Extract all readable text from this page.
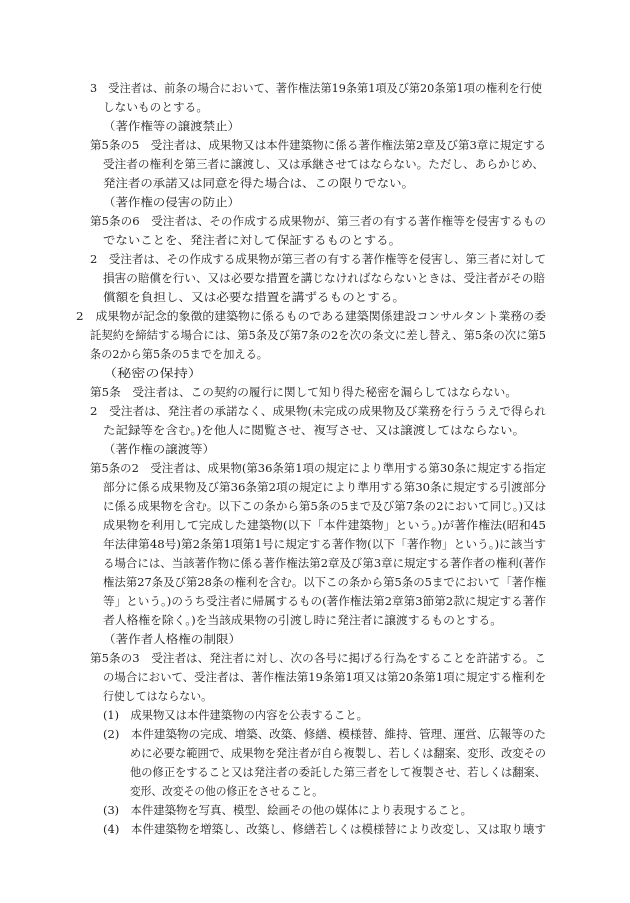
3　受注者は、前条の場合において、著作権法第19条第1項及び第20条第1項の権利を行使

しないものとする。

（著作権等の譲渡禁止）

第5条の5　受注者は、成果物又は本件建築物に係る著作権法第2章及び第3章に規定する

受注者の権利を第三者に譲渡し、又は承継させてはならない。ただし、あらかじめ、

発注者の承諾又は同意を得た場合は、この限りでない。

（著作権の侵害の防止）

第5条の6　受注者は、その作成する成果物が、第三者の有する著作権等を侵害するもの

でないことを、発注者に対して保証するものとする。

2　受注者は、その作成する成果物が第三者の有する著作権等を侵害し、第三者に対して

損害の賠償を行い、又は必要な措置を講じなければならないときは、受注者がその賠

償額を負担し、又は必要な措置を講ずるものとする。

2　成果物が記念的象徴的建築物に係るものである建築関係建設コンサルタント業務の委

託契約を締結する場合には、第5条及び第7条の2を次の条文に差し替え、第5条の次に第5

条の2から第5条の5までを加える。

（秘密の保持）

第5条　受注者は、この契約の履行に関して知り得た秘密を漏らしてはならない。

2　受注者は、発注者の承諾なく、成果物(未完成の成果物及び業務を行ううえで得られ

た記録等を含む。)を他人に閲覧させ、複写させ、又は譲渡してはならない。

（著作権の譲渡等）

第5条の2　受注者は、成果物(第36条第1項の規定により準用する第30条に規定する指定

部分に係る成果物及び第36条第2項の規定により準用する第30条に規定する引渡部分

に係る成果物を含む。以下この条から第5条の5まで及び第7条の2において同じ。)又は

成果物を利用して完成した建築物(以下「本件建築物」という。)が著作権法(昭和45

年法律第48号)第2条第1項第1号に規定する著作物(以下「著作物」という。)に該当す

る場合には、当該著作物に係る著作権法第2章及び第3章に規定する著作者の権利(著作

権法第27条及び第28条の権利を含む。以下この条から第5条の5までにおいて「著作権

等」という。)のうち受注者に帰属するもの(著作権法第2章第3節第2款に規定する著作

者人格権を除く。)を当該成果物の引渡し時に発注者に譲渡するものとする。

（著作者人格権の制限）

第5条の3　受注者は、発注者に対し、次の各号に掲げる行為をすることを許諾する。こ

の場合において、受注者は、著作権法第19条第1項又は第20条第1項に規定する権利を

行使してはならない。

(1)　成果物又は本件建築物の内容を公表すること。

(2)　本件建築物の完成、増築、改築、修繕、模様替、維持、管理、運営、広報等のた

めに必要な範囲で、成果物を発注者が自ら複製し、若しくは翻案、変形、改変その

他の修正をすること又は発注者の委託した第三者をして複製させ、若しくは翻案、

変形、改変その他の修正をさせること。

(3)　本件建築物を写真、模型、絵画その他の媒体により表現すること。

(4)　本件建築物を増築し、改築し、修繕若しくは模様替により改変し、又は取り壊す
